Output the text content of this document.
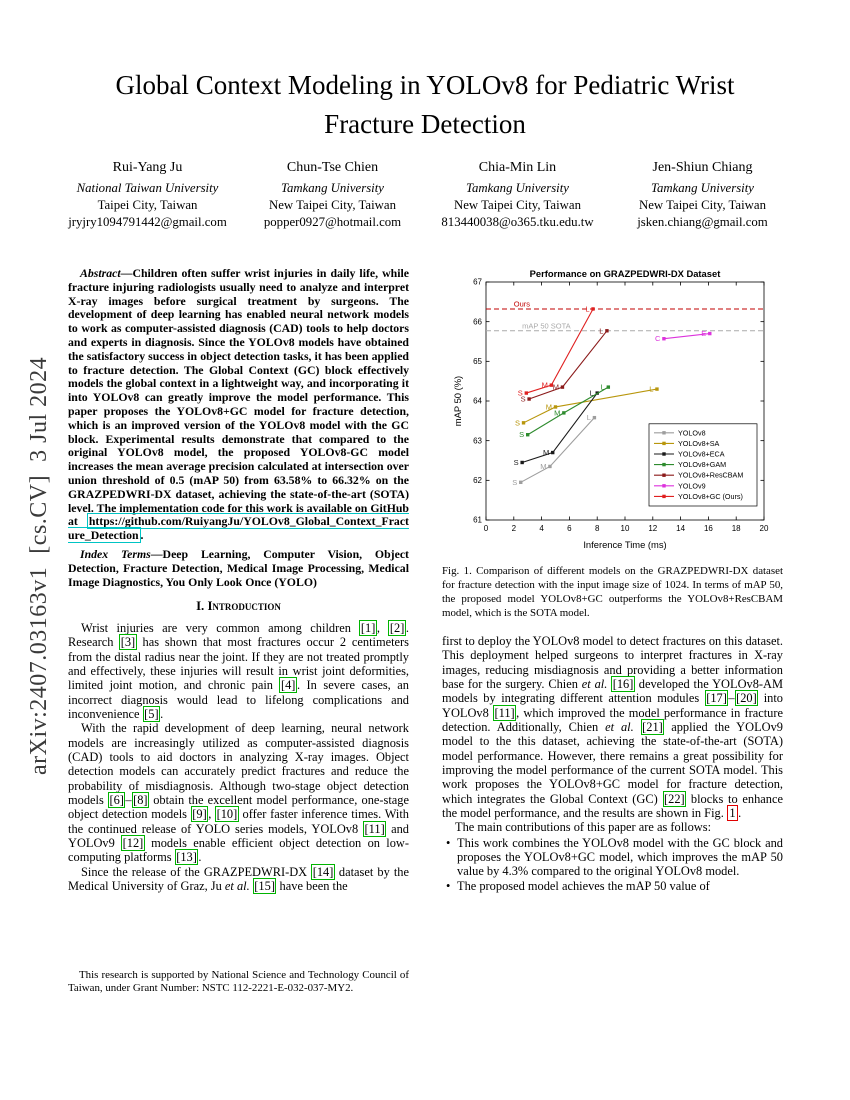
arXiv:2407.03163v1  [cs.CV]  3 Jul 2024
Global Context Modeling in YOLOv8 for Pediatric Wrist Fracture Detection
Rui-Yang Ju
National Taiwan University
Taipei City, Taiwan
jryjry1094791442@gmail.com
Chun-Tse Chien
Tamkang University
New Taipei City, Taiwan
popper0927@hotmail.com
Chia-Min Lin
Tamkang University
New Taipei City, Taiwan
813440038@o365.tku.edu.tw
Jen-Shiun Chiang
Tamkang University
New Taipei City, Taiwan
jsken.chiang@gmail.com

Abstract—Children often suffer wrist injuries in daily life, while fracture injuring radiologists usually need to analyze and interpret X-ray images before surgical treatment by surgeons. The development of deep learning has enabled neural network models to work as computer-assisted diagnosis (CAD) tools to help doctors and experts in diagnosis. Since the YOLOv8 models have obtained the satisfactory success in object detection tasks, it has been applied to fracture detection. The Global Context (GC) block effectively models the global context in a lightweight way, and incorporating it into YOLOv8 can greatly improve the model performance. This paper proposes the YOLOv8+GC model for fracture detection, which is an improved version of the YOLOv8 model with the GC block. Experimental results demonstrate that compared to the original YOLOv8 model, the proposed YOLOv8-GC model increases the mean average precision calculated at intersection over union threshold of 0.5 (mAP 50) from 63.58% to 66.32% on the GRAZPEDWRI-DX dataset, achieving the state-of-the-art (SOTA) level. The implementation code for this work is available on GitHub at https://github.com/RuiyangJu/YOLOv8_Global_Context_Fracture_Detection .

Index Terms—Deep Learning, Computer Vision, Object Detection, Fracture Detection, Medical Image Processing, Medical Image Diagnostics, You Only Look Once (YOLO)

I. Introduction

Wrist injuries are very common among children [1] , [2] . Research [3] has shown that most fractures occur 2 centimeters from the distal radius near the joint. If they are not treated promptly and effectively, these injuries will result in wrist joint deformities, limited joint motion, and chronic pain [4] . In severe cases, an incorrect diagnosis would lead to lifelong complications and inconvenience [5] .

With the rapid development of deep learning, neural network models are increasingly utilized as computer-assisted diagnosis (CAD) tools to aid doctors in analyzing X-ray images. Object detection models can accurately predict fractures and reduce the probability of misdiagnosis. Although two-stage object detection models [6] – [8] obtain the excellent model performance, one-stage object detection models [9] , [10] offer faster inference times. With the continued release of YOLO series models, YOLOv8 [11] and YOLOv9 [12] models enable efficient object detection on low-computing platforms [13] .

Since the release of the GRAZPEDWRI-DX [14] dataset by the Medical University of Graz, Ju et al. [15] have been the

Performance on GRAZPEDWRI-DX Dataset
0	2	4	6	8	10 12 14 16 18 20
61
62
63
64
65
66
67
Inference Time (ms)
mAP 50 (%)
Ours
mAP 50 SOTA
S
M
L
S
M
L
S
M
L
S
M
L
S
M
L
C
E
S
M
L
YOLOv8
YOLOv8+SA
YOLOv8+ECA
YOLOv8+GAM
YOLOv8+ResCBAM
YOLOv9
YOLOv8+GC (Ours)

Fig. 1. Comparison of different models on the GRAZPEDWRI-DX dataset for fracture detection with the input image size of 1024. In terms of mAP 50, the proposed model YOLOv8+GC outperforms the YOLOv8+ResCBAM model, which is the SOTA model.

first to deploy the YOLOv8 model to detect fractures on this dataset. This deployment helped surgeons to interpret fractures in X-ray images, reducing misdiagnosis and providing a better information base for the surgery. Chien et al. [16] developed the YOLOv8-AM models by integrating different attention modules [17] – [20] into YOLOv8 [11] , which improved the model performance in fracture detection. Additionally, Chien et al. [21] applied the YOLOv9 model to the this dataset, achieving the state-of-the-art (SOTA) model performance. However, there remains a great possibility for improving the model performance of the current SOTA model. This work proposes the YOLOv8+GC model for fracture detection, which integrates the Global Context (GC) [22] blocks to enhance the model performance, and the results are shown in Fig. 1 .

The main contributions of this paper are as follows:

• This work combines the YOLOv8 model with the GC block and proposes the YOLOv8+GC model, which improves the mAP 50 value by 4.3% compared to the original YOLOv8 model.
• The proposed model achieves the mAP 50 value of

This research is supported by National Science and Technology Council of Taiwan, under Grant Number: NSTC 112-2221-E-032-037-MY2.
